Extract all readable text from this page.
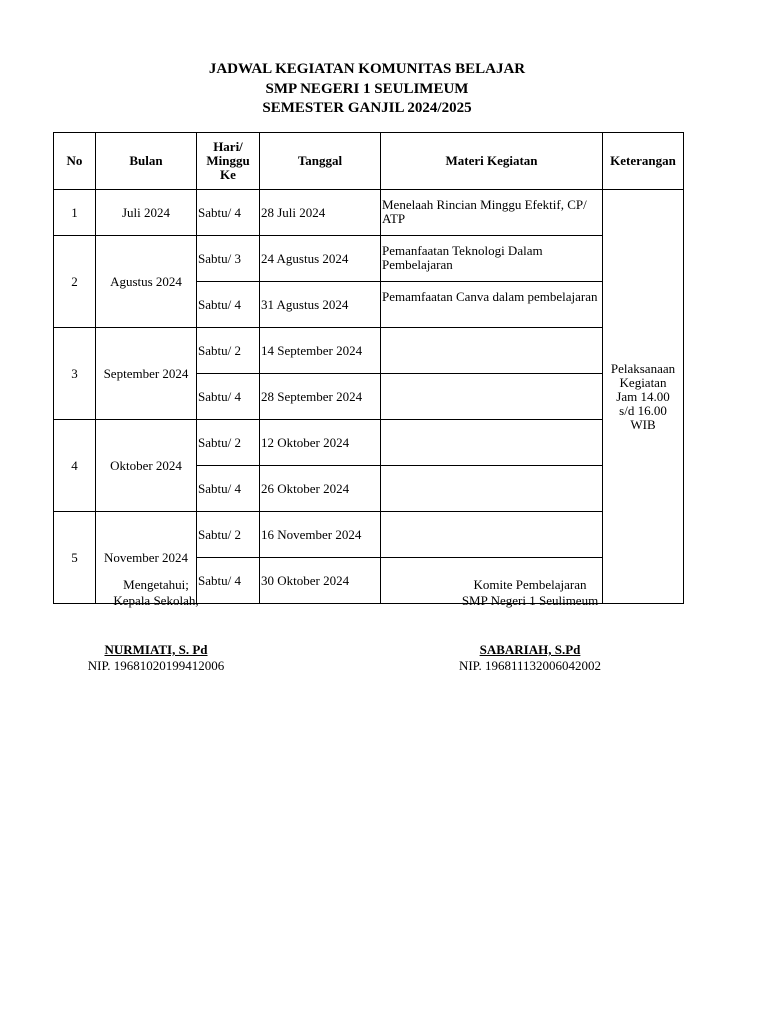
JADWAL KEGIATAN KOMUNITAS BELAJAR
SMP NEGERI 1 SEULIMEUM
SEMESTER GANJIL 2024/2025
No	Bulan	Hari/
Minggu
Ke	Tanggal	Materi Kegiatan	Keterangan
1	Juli 2024	Sabtu/ 4	28 Juli 2024	Menelaah Rincian Minggu Efektif, CP/ ATP	Pelaksanaan
Kegiatan
Jam 14.00
s/d 16.00
WIB

2	Agustus 2024	Sabtu/ 3	24 Agustus 2024	Pemanfaatan Teknologi Dalam Pembelajaran	
		Sabtu/ 4	31 Agustus 2024	Pemamfaatan Canva dalam pembelajaran	
3	September 2024	Sabtu/ 2	14 September 2024		
		Sabtu/ 4	28 September 2024		
4	Oktober 2024	Sabtu/ 2	12 Oktober 2024		
		Sabtu/ 4	26 Oktober 2024		
5	November 2024	Sabtu/ 2	16 November 2024		
		Sabtu/ 4	30 Oktober 2024		
Mengetahui;
Kepala Sekolah,
NURMIATI, S. Pd
NIP. 19681020199412006
Komite Pembelajaran
SMP Negeri 1 Seulimeum
SABARIAH, S.Pd
NIP. 196811132006042002
